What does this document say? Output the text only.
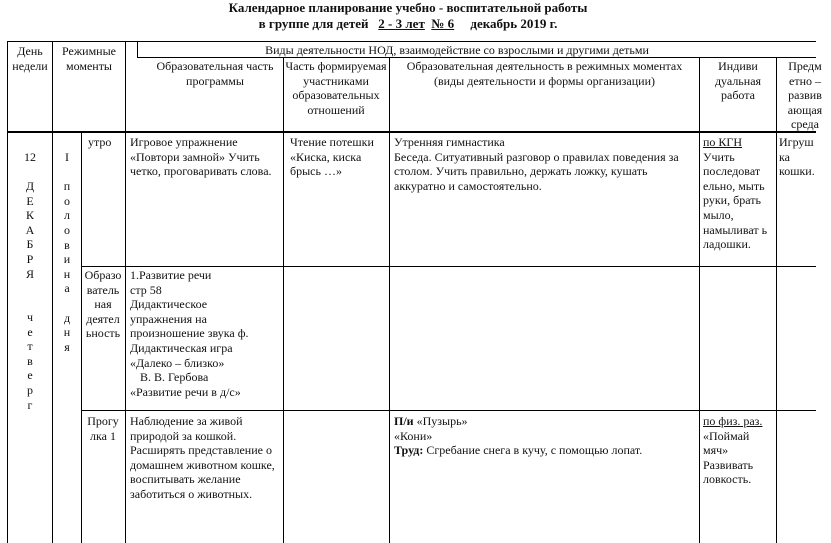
Календарное планирование учебно - воспитательной работы
в группе для детей 2 - 3 лет № 6 декабрь 2019 г.
День недели
Режимные моменты
Виды деятельности НОД, взаимодействие со взрослыми и другими детьми
Образовательная часть программы
Часть формируемая участниками образовательных отношений
Образовательная деятельность в режимных моментах
(виды деятельности и формы организации)
Индиви дуальная работа
Предм етно – развив ающая среда
12
Д
Е
К
А
Б
Р
Я
ч
е
т
в
е
р
г
I

п
о
л
о
в
и
н
а

д
н
я
утро	Игровое упражнение «Повтори замной» Учить четко, проговаривать слова.
Чтение потешки «Киска, киска брысь …»
Утренняя гимнастика
Беседа. Ситуативный разговор о правилах поведения за столом. Учить правильно, держать ложку, кушать аккуратно и самостоятельно.
по КГН
Учить последоват ельно, мыть руки, брать мыло, намыливат ь ладошки.
Игруш ка кошки.
Образо ватель ная деятел ьность
1.Развитие речи
стр 58
Дидактическое
упражнения на
произношение звука ф.
Дидактическая игра
«Далеко – близко»
В. В. Гербова
«Развитие речи в д/с»
Прогу лка 1
Наблюдение за живой природой за кошкой. Расширять представление о домашнем животном кошке, воспитывать желание заботиться о животных.
П/и «Пузырь»
«Кони»
Труд: Сгребание снега в кучу, с помощью лопат.
по физ. раз.
«Поймай мяч» Развивать ловкость.
